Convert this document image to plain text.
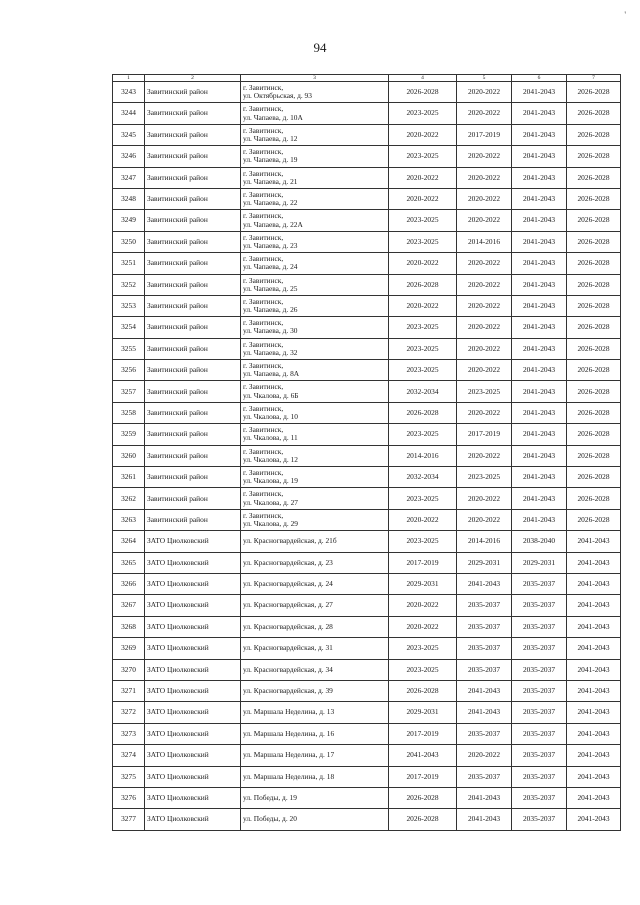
'
94
1	2	3	4	5	6	7
3243	Завитинский район	г. Завитинск,
ул. Октябрьская, д. 93	2026-2028	2020-2022	2041-2043	2026-2028
3244	Завитинский район	г. Завитинск,
ул. Чапаева, д. 10А	2023-2025	2020-2022	2041-2043	2026-2028
3245	Завитинский район	г. Завитинск,
ул. Чапаева, д. 12	2020-2022	2017-2019	2041-2043	2026-2028
3246	Завитинский район	г. Завитинск,
ул. Чапаева, д. 19	2023-2025	2020-2022	2041-2043	2026-2028
3247	Завитинский район	г. Завитинск,
ул. Чапаева, д. 21	2020-2022	2020-2022	2041-2043	2026-2028
3248	Завитинский район	г. Завитинск,
ул. Чапаева, д. 22	2020-2022	2020-2022	2041-2043	2026-2028
3249	Завитинский район	г. Завитинск,
ул. Чапаева, д. 22А	2023-2025	2020-2022	2041-2043	2026-2028
3250	Завитинский район	г. Завитинск,
ул. Чапаева, д. 23	2023-2025	2014-2016	2041-2043	2026-2028
3251	Завитинский район	г. Завитинск,
ул. Чапаева, д. 24	2020-2022	2020-2022	2041-2043	2026-2028
3252	Завитинский район	г. Завитинск,
ул. Чапаева, д. 25	2026-2028	2020-2022	2041-2043	2026-2028
3253	Завитинский район	г. Завитинск,
ул. Чапаева, д. 26	2020-2022	2020-2022	2041-2043	2026-2028
3254	Завитинский район	г. Завитинск,
ул. Чапаева, д. 30	2023-2025	2020-2022	2041-2043	2026-2028
3255	Завитинский район	г. Завитинск,
ул. Чапаева, д. 32	2023-2025	2020-2022	2041-2043	2026-2028
3256	Завитинский район	г. Завитинск,
ул. Чапаева, д. 8А	2023-2025	2020-2022	2041-2043	2026-2028
3257	Завитинский район	г. Завитинск,
ул. Чкалова, д. 6Б	2032-2034	2023-2025	2041-2043	2026-2028
3258	Завитинский район	г. Завитинск,
ул. Чкалова, д. 10	2026-2028	2020-2022	2041-2043	2026-2028
3259	Завитинский район	г. Завитинск,
ул. Чкалова, д. 11	2023-2025	2017-2019	2041-2043	2026-2028
3260	Завитинский район	г. Завитинск,
ул. Чкалова, д. 12	2014-2016	2020-2022	2041-2043	2026-2028
3261	Завитинский район	г. Завитинск,
ул. Чкалова, д. 19	2032-2034	2023-2025	2041-2043	2026-2028
3262	Завитинский район	г. Завитинск,
ул. Чкалова, д. 27	2023-2025	2020-2022	2041-2043	2026-2028
3263	Завитинский район	г. Завитинск,
ул. Чкалова, д. 29	2020-2022	2020-2022	2041-2043	2026-2028
3264	ЗАТО Циолковский	ул. Красногвардейская, д. 21б	2023-2025	2014-2016	2038-2040	2041-2043
3265	ЗАТО Циолковский	ул. Красногвардейская, д. 23	2017-2019	2029-2031	2029-2031	2041-2043
3266	ЗАТО Циолковский	ул. Красногвардейская, д. 24	2029-2031	2041-2043	2035-2037	2041-2043
3267	ЗАТО Циолковский	ул. Красногвардейская, д. 27	2020-2022	2035-2037	2035-2037	2041-2043
3268	ЗАТО Циолковский	ул. Красногвардейская, д. 28	2020-2022	2035-2037	2035-2037	2041-2043
3269	ЗАТО Циолковский	ул. Красногвардейская, д. 31	2023-2025	2035-2037	2035-2037	2041-2043
3270	ЗАТО Циолковский	ул. Красногвардейская, д. 34	2023-2025	2035-2037	2035-2037	2041-2043
3271	ЗАТО Циолковский	ул. Красногвардейская, д. 39	2026-2028	2041-2043	2035-2037	2041-2043
3272	ЗАТО Циолковский	ул. Маршала Неделина, д. 13	2029-2031	2041-2043	2035-2037	2041-2043
3273	ЗАТО Циолковский	ул. Маршала Неделина, д. 16	2017-2019	2035-2037	2035-2037	2041-2043
3274	ЗАТО Циолковский	ул. Маршала Неделина, д. 17	2041-2043	2020-2022	2035-2037	2041-2043
3275	ЗАТО Циолковский	ул. Маршала Неделина, д. 18	2017-2019	2035-2037	2035-2037	2041-2043
3276	ЗАТО Циолковский	ул. Победы, д. 19	2026-2028	2041-2043	2035-2037	2041-2043
3277	ЗАТО Циолковский	ул. Победы, д. 20	2026-2028	2041-2043	2035-2037	2041-2043
